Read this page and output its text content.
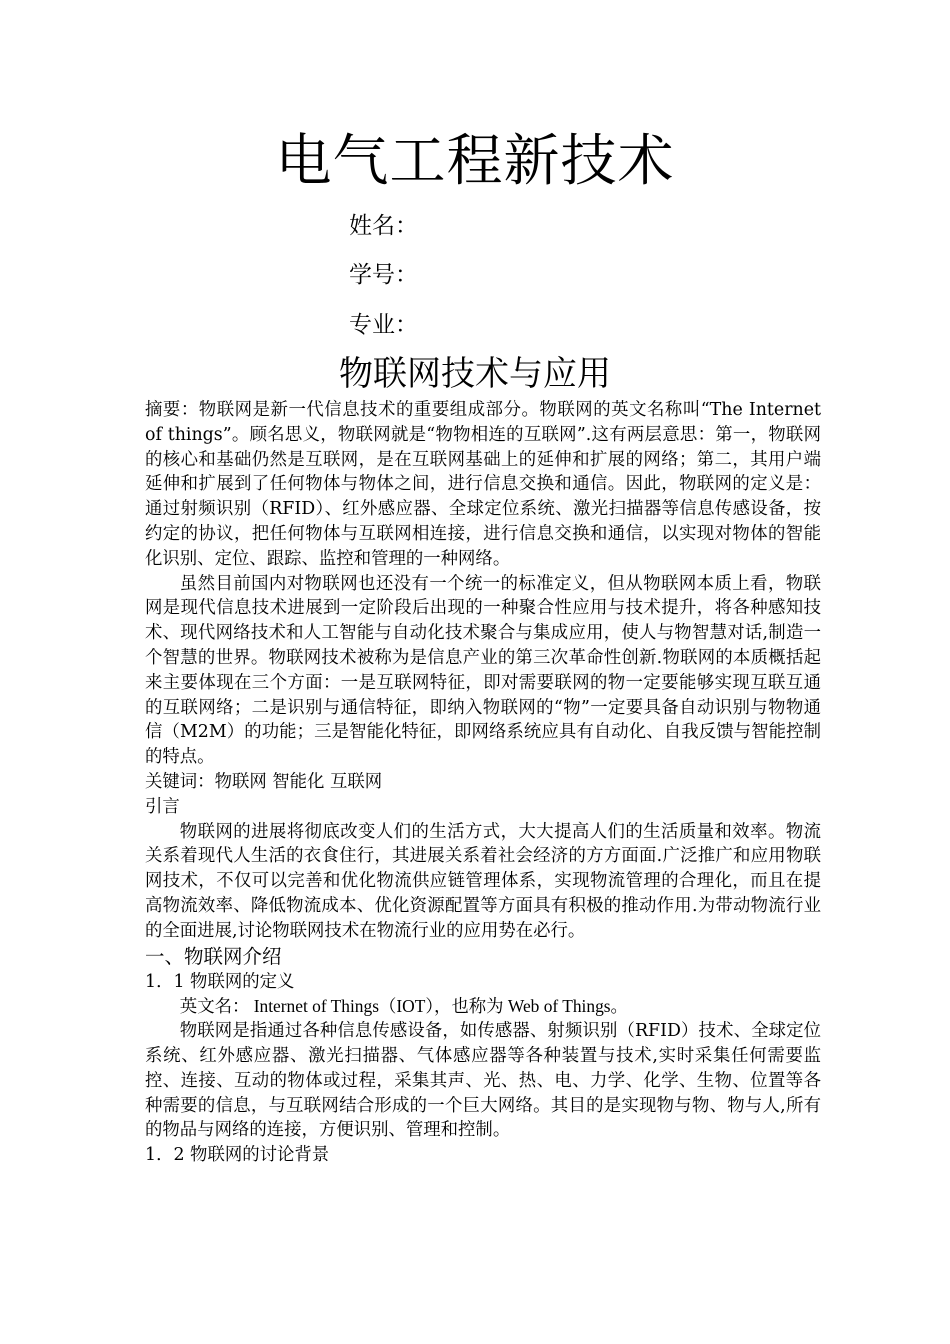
电气工程新技术
姓名：
学号：
专业：
物联网技术与应用

摘要：物联网是新一代信息技术的重要组成部分。物联网的英文名称叫“The Internet of things”。顾名思义，物联网就是“物物相连的互联网”.这有两层意思：第一，物联网的核心和基础仍然是互联网，是在互联网基础上的延伸和扩展的网络；第二，其用户端延伸和扩展到了任何物体与物体之间，进行信息交换和通信。因此，物联网的定义是：通过射频识别（RFID）、红外感应器、全球定位系统、激光扫描器等信息传感设备，按约定的协议，把任何物体与互联网相连接，进行信息交换和通信，以实现对物体的智能化识别、定位、跟踪、监控和管理的一种网络。

虽然目前国内对物联网也还没有一个统一的标准定义，但从物联网本质上看，物联网是现代信息技术进展到一定阶段后出现的一种聚合性应用与技术提升，将各种感知技术、现代网络技术和人工智能与自动化技术聚合与集成应用，使人与物智慧对话,制造一个智慧的世界。物联网技术被称为是信息产业的第三次革命性创新.物联网的本质概括起来主要体现在三个方面：一是互联网特征，即对需要联网的物一定要能够实现互联互通的互联网络；二是识别与通信特征，即纳入物联网的“物”一定要具备自动识别与物物通信（M2M）的功能；三是智能化特征，即网络系统应具有自动化、自我反馈与智能控制的特点。

关键词：物联网 智能化 互联网

引言

物联网的进展将彻底改变人们的生活方式，大大提高人们的生活质量和效率。物流关系着现代人生活的衣食住行，其进展关系着社会经济的方方面面.广泛推广和应用物联网技术，不仅可以完善和优化物流供应链管理体系，实现物流管理的合理化，而且在提高物流效率、降低物流成本、优化资源配置等方面具有积极的推动作用.为带动物流行业的全面进展,讨论物联网技术在物流行业的应用势在必行。

一、物联网介绍

1．1 物联网的定义

英文名： Internet of Things（IOT），也称为 Web of Things。

物联网是指通过各种信息传感设备，如传感器、射频识别（RFID）技术、全球定位系统、红外感应器、激光扫描器、气体感应器等各种装置与技术,实时采集任何需要监控、连接、互动的物体或过程，采集其声、光、热、电、力学、化学、生物、位置等各种需要的信息，与互联网结合形成的一个巨大网络。其目的是实现物与物、物与人,所有的物品与网络的连接，方便识别、管理和控制。

1．2 物联网的讨论背景
